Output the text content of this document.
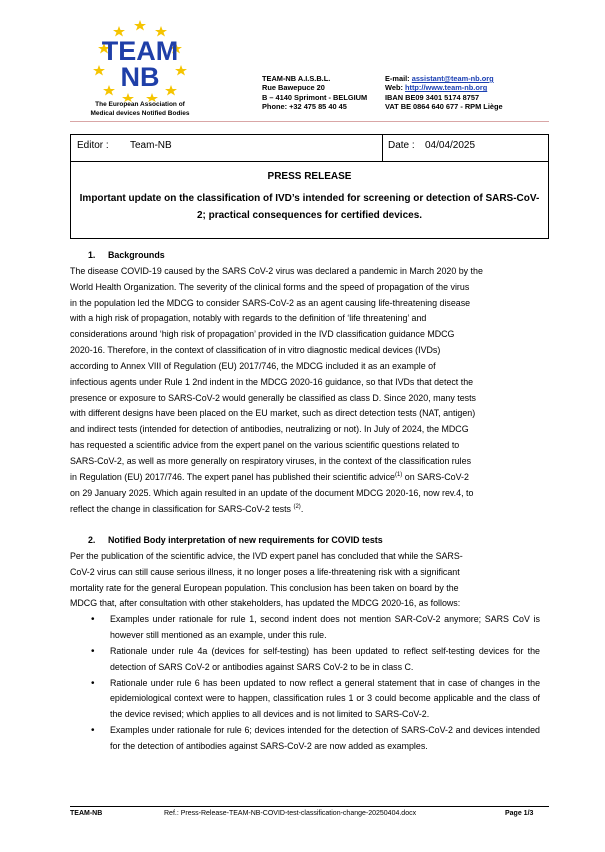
TEAM
NB
The European Association of
Medical devices Notified Bodies
TEAM-NB A.I.S.B.L.
Rue Bawepuce 20
B – 4140 Sprimont - BELGIUM
Phone: +32 475 85 40 45
E-mail: assistant@team-nb.org
Web: http://www.team-nb.org
IBAN BE09 3401 5174 8757
VAT BE 0864 640 677 - RPM Liège
Editor : Team-NB	Date : 04/04/2025
PRESS RELEASE
Important update on the classification of IVD’s intended for screening or detection of SARS-CoV-2; practical consequences for certified devices.
1. Backgrounds
The disease COVID-19 caused by the SARS CoV-2 virus was declared a pandemic in March 2020 by the
World Health Organization. The severity of the clinical forms and the speed of propagation of the virus
in the population led the MDCG to consider SARS-CoV-2 as an agent causing life-threatening disease
with a high risk of propagation, notably with regards to the definition of ‘life threatening’ and
considerations around ‘high risk of propagation’ provided in the IVD classification guidance MDCG
2020-16. Therefore, in the context of classification of in vitro diagnostic medical devices (IVDs)
according to Annex VIII of Regulation (EU) 2017/746, the MDCG included it as an example of
infectious agents under Rule 1 2nd indent in the MDCG 2020-16 guidance, so that IVDs that detect the
presence or exposure to SARS-CoV-2 would generally be classified as class D. Since 2020, many tests
with different designs have been placed on the EU market, such as direct detection tests (NAT, antigen)
and indirect tests (intended for detection of antibodies, neutralizing or not). In July of 2024, the MDCG
has requested a scientific advice from the expert panel on the various scientific questions related to
SARS-CoV-2, as well as more generally on respiratory viruses, in the context of the classification rules
in Regulation (EU) 2017/746. The expert panel has published their scientific advice$^{(1)}$ on SARS-CoV-2
on 29 January 2025. Which again resulted in an update of the document MDCG 2020-16, now rev.4, to
reflect the change in classification for SARS-CoV-2 tests $^{(2)}$.
2. Notified Body interpretation of new requirements for COVID tests
Per the publication of the scientific advice, the IVD expert panel has concluded that while the SARS-
CoV-2 virus can still cause serious illness, it no longer poses a life-threatening risk with a significant
mortality rate for the general European population. This conclusion has been taken on board by the
MDCG that, after consultation with other stakeholders, has updated the MDCG 2020-16, as follows:
• Examples under rationale for rule 1, second indent does not mention SAR-CoV-2 anymore; SARS CoV is however still mentioned as an example, under this rule.
• Rationale under rule 4a (devices for self-testing) has been updated to reflect self-testing devices for the detection of SARS CoV-2 or antibodies against SARS CoV-2 to be in class C.
• Rationale under rule 6 has been updated to now reflect a general statement that in case of changes in the epidemiological context were to happen, classification rules 1 or 3 could become applicable and the class of the device revised; which applies to all devices and is not limited to SARS-CoV-2.
• Examples under rationale for rule 6; devices intended for the detection of SARS-CoV-2 and devices intended for the detection of antibodies against SARS-CoV-2 are now added as examples.
TEAM-NB	Ref.: Press-Release-TEAM-NB-COVID-test-classification-change-20250404.docx	Page 1/3
